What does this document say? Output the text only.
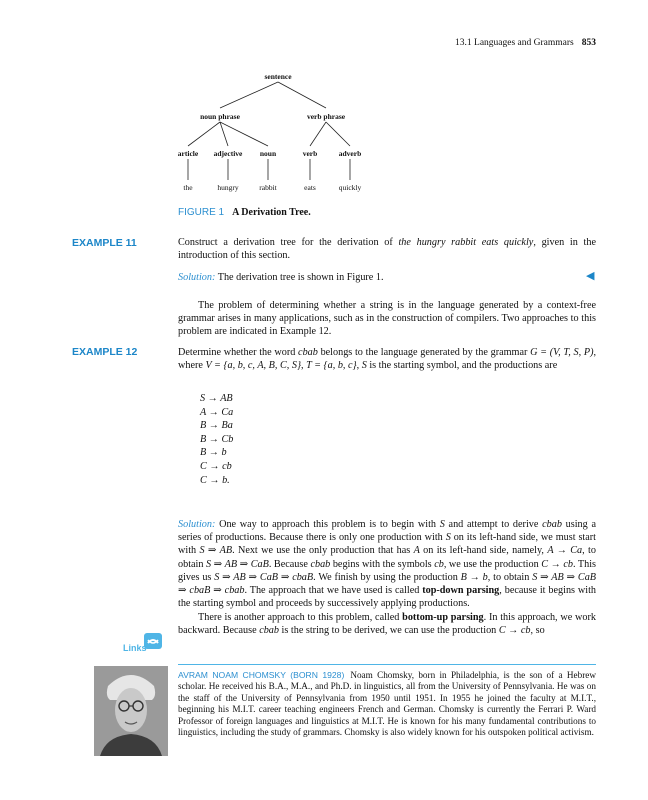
13.1 Languages and Grammars 853
sentence
noun phrase	verb phrase
article adjective noun	verb	adverb
the	hungry	rabbit	eats	quickly
FIGURE 1 A Derivation Tree.
EXAMPLE 11	Construct a derivation tree for the derivation of the hungry rabbit eats quickly, given in the introduction of this section.
Solution: The derivation tree is shown in Figure 1.	◀
The problem of determining whether a string is in the language generated by a context-free grammar arises in many applications, such as in the construction of compilers. Two approaches to this problem are indicated in Example 12.
EXAMPLE 12	Determine whether the word cbab belongs to the language generated by the grammar G = (V, T, S, P), where V = {a, b, c, A, B, C, S}, T = {a, b, c}, S is the starting symbol, and the productions are
S → AB
A → Ca
B → Ba
B → Cb
B → b
C → cb
C → b.
Solution: One way to approach this problem is to begin with S and attempt to derive cbab using a series of productions. Because there is only one production with S on its left-hand side, we must start with S ⇒ AB. Next we use the only production that has A on its left-hand side, namely, A → Ca, to obtain S ⇒ AB ⇒ CaB. Because cbab begins with the symbols cb, we use the production C → cb. This gives us S ⇒ AB ⇒ CaB ⇒ cbaB. We finish by using the production B → b, to obtain S ⇒ AB ⇒ CaB ⇒ cbaB ⇒ cbab. The approach that we have used is called top-down parsing, because it begins with the starting symbol and proceeds by successively applying productions.
There is another approach to this problem, called bottom-up parsing. In this approach, we work backward. Because cbab is the string to be derived, we can use the production C → cb, so
Links
AVRAM NOAM CHOMSKY (BORN 1928) Noam Chomsky, born in Philadelphia, is the son of a Hebrew scholar. He received his B.A., M.A., and Ph.D. in linguistics, all from the University of Pennsylvania. He was on the staff of the University of Pennsylvania from 1950 until 1951. In 1955 he joined the faculty at M.I.T., beginning his M.I.T. career teaching engineers French and German. Chomsky is currently the Ferrari P. Ward Professor of foreign languages and linguistics at M.I.T. He is known for his many fundamental contributions to linguistics, including the study of grammars. Chomsky is also widely known for his outspoken political activism.
